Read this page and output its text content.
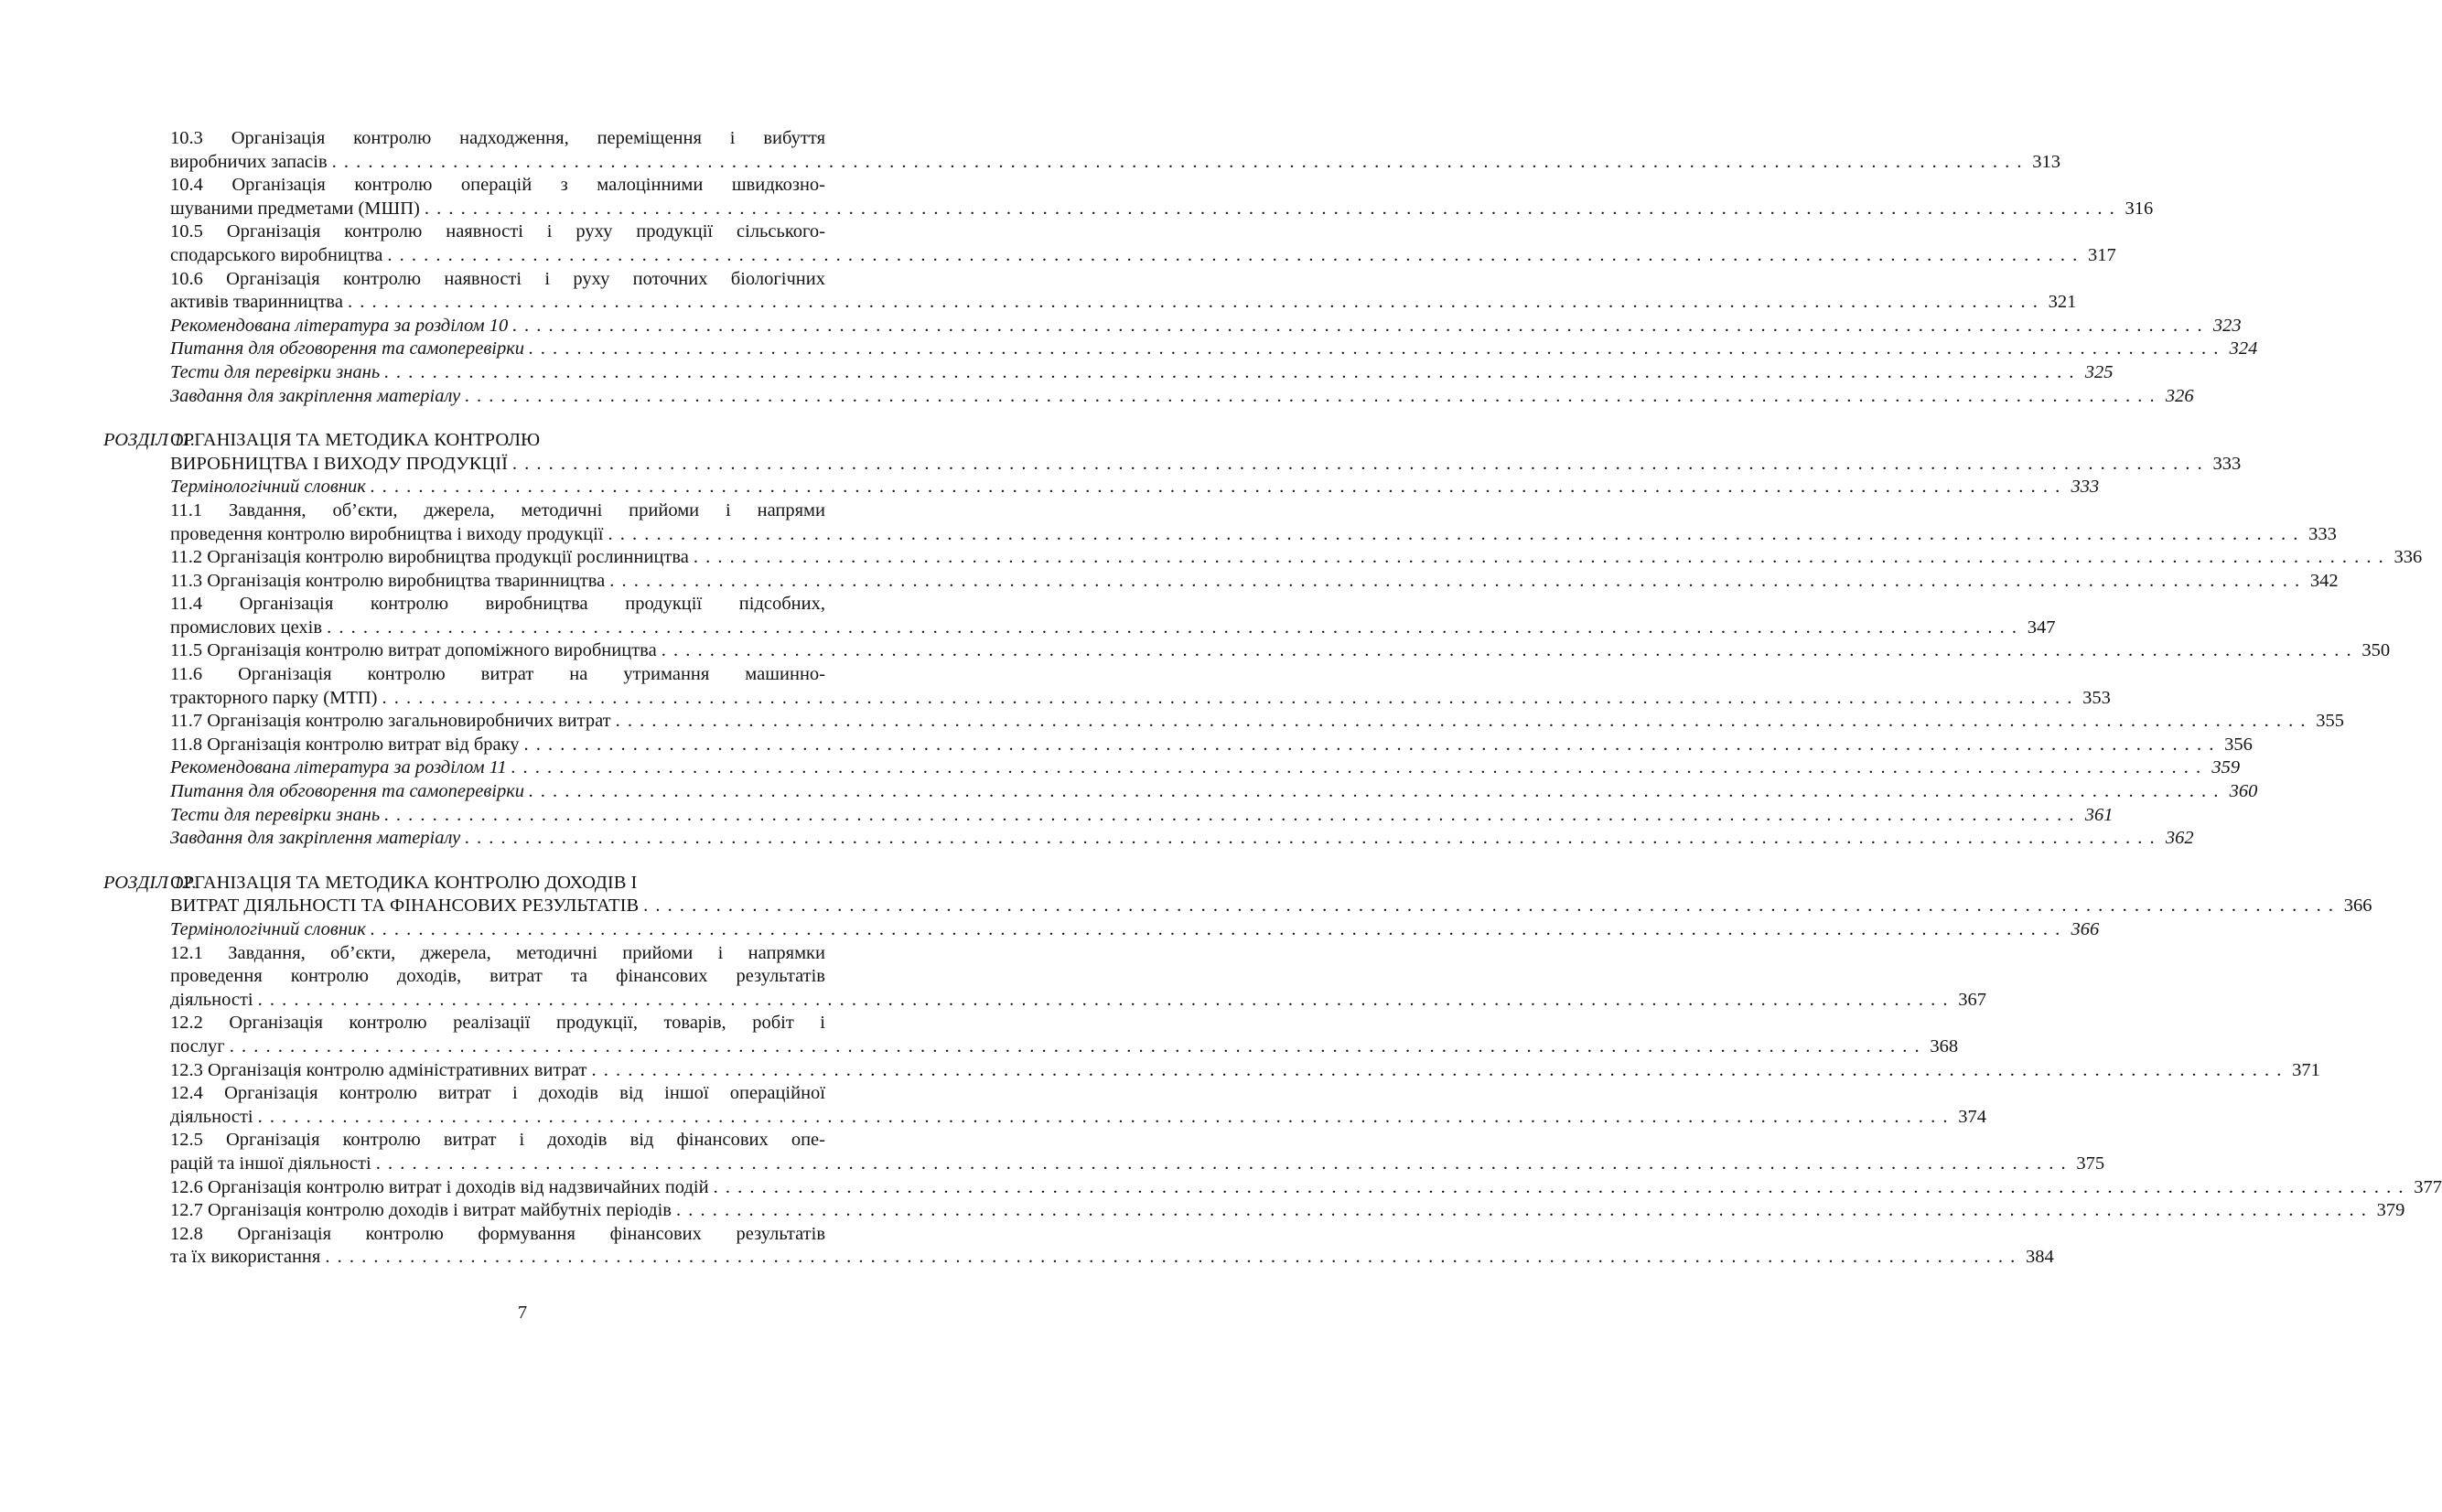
10.3 Організація контролю надходження, переміщення і вибуття
виробничих запасів . . . . . . . . . . . . . . . . . . . . . . . . . . . . . . . . . . . . . . . . . . . . . . . . . . . . . . . . . . . . . . . . . . . . . . . . . . . . . . . . . . . . . . . . . . . . . . . . . . . . . . . . . . . . . . . . . . . . . . . . . . . . . . . . . . . . . . . . . . . . 313
10.4 Організація контролю операцій з малоцінними швидкозно-
шуваними предметами (МШП) . . . . . . . . . . . . . . . . . . . . . . . . . . . . . . . . . . . . . . . . . . . . . . . . . . . . . . . . . . . . . . . . . . . . . . . . . . . . . . . . . . . . . . . . . . . . . . . . . . . . . . . . . . . . . . . . . . . . . . . . . . . . . . . . . . . . . . . . . . . . 316
10.5 Організація контролю наявності і руху продукції сільського-
сподарського виробництва . . . . . . . . . . . . . . . . . . . . . . . . . . . . . . . . . . . . . . . . . . . . . . . . . . . . . . . . . . . . . . . . . . . . . . . . . . . . . . . . . . . . . . . . . . . . . . . . . . . . . . . . . . . . . . . . . . . . . . . . . . . . . . . . . . . . . . . . . . . . 317
10.6 Організація контролю наявності і руху поточних біологічних
активів тваринництва . . . . . . . . . . . . . . . . . . . . . . . . . . . . . . . . . . . . . . . . . . . . . . . . . . . . . . . . . . . . . . . . . . . . . . . . . . . . . . . . . . . . . . . . . . . . . . . . . . . . . . . . . . . . . . . . . . . . . . . . . . . . . . . . . . . . . . . . . . . . 321
Рекомендована література за розділом 10 . . . . . . . . . . . . . . . . . . . . . . . . . . . . . . . . . . . . . . . . . . . . . . . . . . . . . . . . . . . . . . . . . . . . . . . . . . . . . . . . . . . . . . . . . . . . . . . . . . . . . . . . . . . . . . . . . . . . . . . . . . . . . . . . . . . . . . . . . . . . 323
Питання для обговорення та самоперевірки . . . . . . . . . . . . . . . . . . . . . . . . . . . . . . . . . . . . . . . . . . . . . . . . . . . . . . . . . . . . . . . . . . . . . . . . . . . . . . . . . . . . . . . . . . . . . . . . . . . . . . . . . . . . . . . . . . . . . . . . . . . . . . . . . . . . . . . . . . . . 324
Тести для перевірки знань . . . . . . . . . . . . . . . . . . . . . . . . . . . . . . . . . . . . . . . . . . . . . . . . . . . . . . . . . . . . . . . . . . . . . . . . . . . . . . . . . . . . . . . . . . . . . . . . . . . . . . . . . . . . . . . . . . . . . . . . . . . . . . . . . . . . . . . . . . . . 325
Завдання для закріплення матеріалу . . . . . . . . . . . . . . . . . . . . . . . . . . . . . . . . . . . . . . . . . . . . . . . . . . . . . . . . . . . . . . . . . . . . . . . . . . . . . . . . . . . . . . . . . . . . . . . . . . . . . . . . . . . . . . . . . . . . . . . . . . . . . . . . . . . . . . . . . . . . 326
РОЗДІЛ 11.
ОРГАНІЗАЦІЯ ТА МЕТОДИКА КОНТРОЛЮ
ВИРОБНИЦТВА І ВИХОДУ ПРОДУКЦІЇ . . . . . . . . . . . . . . . . . . . . . . . . . . . . . . . . . . . . . . . . . . . . . . . . . . . . . . . . . . . . . . . . . . . . . . . . . . . . . . . . . . . . . . . . . . . . . . . . . . . . . . . . . . . . . . . . . . . . . . . . . . . . . . . . . . . . . . . . . . . . 333
Термінологічний словник . . . . . . . . . . . . . . . . . . . . . . . . . . . . . . . . . . . . . . . . . . . . . . . . . . . . . . . . . . . . . . . . . . . . . . . . . . . . . . . . . . . . . . . . . . . . . . . . . . . . . . . . . . . . . . . . . . . . . . . . . . . . . . . . . . . . . . . . . . . . 333
11.1 Завдання, об’єкти, джерела, методичні прийоми і напрями
проведення контролю виробництва і виходу продукції . . . . . . . . . . . . . . . . . . . . . . . . . . . . . . . . . . . . . . . . . . . . . . . . . . . . . . . . . . . . . . . . . . . . . . . . . . . . . . . . . . . . . . . . . . . . . . . . . . . . . . . . . . . . . . . . . . . . . . . . . . . . . . . . . . . . . . . . . . . . 333
11.2 Організація контролю виробництва продукції рослинництва . . . . . . . . . . . . . . . . . . . . . . . . . . . . . . . . . . . . . . . . . . . . . . . . . . . . . . . . . . . . . . . . . . . . . . . . . . . . . . . . . . . . . . . . . . . . . . . . . . . . . . . . . . . . . . . . . . . . . . . . . . . . . . . . . . . . . . . . . . . . 336
11.3 Організація контролю виробництва тваринництва . . . . . . . . . . . . . . . . . . . . . . . . . . . . . . . . . . . . . . . . . . . . . . . . . . . . . . . . . . . . . . . . . . . . . . . . . . . . . . . . . . . . . . . . . . . . . . . . . . . . . . . . . . . . . . . . . . . . . . . . . . . . . . . . . . . . . . . . . . . . 342
11.4 Організація контролю виробництва продукції підсобних,
промислових цехів . . . . . . . . . . . . . . . . . . . . . . . . . . . . . . . . . . . . . . . . . . . . . . . . . . . . . . . . . . . . . . . . . . . . . . . . . . . . . . . . . . . . . . . . . . . . . . . . . . . . . . . . . . . . . . . . . . . . . . . . . . . . . . . . . . . . . . . . . . . . 347
11.5 Організація контролю витрат допоміжного виробництва . . . . . . . . . . . . . . . . . . . . . . . . . . . . . . . . . . . . . . . . . . . . . . . . . . . . . . . . . . . . . . . . . . . . . . . . . . . . . . . . . . . . . . . . . . . . . . . . . . . . . . . . . . . . . . . . . . . . . . . . . . . . . . . . . . . . . . . . . . . . 350
11.6 Організація контролю витрат на утримання машинно-
тракторного парку (МТП) . . . . . . . . . . . . . . . . . . . . . . . . . . . . . . . . . . . . . . . . . . . . . . . . . . . . . . . . . . . . . . . . . . . . . . . . . . . . . . . . . . . . . . . . . . . . . . . . . . . . . . . . . . . . . . . . . . . . . . . . . . . . . . . . . . . . . . . . . . . . 353
11.7 Організація контролю загальновиробничих витрат . . . . . . . . . . . . . . . . . . . . . . . . . . . . . . . . . . . . . . . . . . . . . . . . . . . . . . . . . . . . . . . . . . . . . . . . . . . . . . . . . . . . . . . . . . . . . . . . . . . . . . . . . . . . . . . . . . . . . . . . . . . . . . . . . . . . . . . . . . . . 355
11.8 Організація контролю витрат від браку . . . . . . . . . . . . . . . . . . . . . . . . . . . . . . . . . . . . . . . . . . . . . . . . . . . . . . . . . . . . . . . . . . . . . . . . . . . . . . . . . . . . . . . . . . . . . . . . . . . . . . . . . . . . . . . . . . . . . . . . . . . . . . . . . . . . . . . . . . . . 356
Рекомендована література за розділом 11 . . . . . . . . . . . . . . . . . . . . . . . . . . . . . . . . . . . . . . . . . . . . . . . . . . . . . . . . . . . . . . . . . . . . . . . . . . . . . . . . . . . . . . . . . . . . . . . . . . . . . . . . . . . . . . . . . . . . . . . . . . . . . . . . . . . . . . . . . . . . 359
Питання для обговорення та самоперевірки . . . . . . . . . . . . . . . . . . . . . . . . . . . . . . . . . . . . . . . . . . . . . . . . . . . . . . . . . . . . . . . . . . . . . . . . . . . . . . . . . . . . . . . . . . . . . . . . . . . . . . . . . . . . . . . . . . . . . . . . . . . . . . . . . . . . . . . . . . . . 360
Тести для перевірки знань . . . . . . . . . . . . . . . . . . . . . . . . . . . . . . . . . . . . . . . . . . . . . . . . . . . . . . . . . . . . . . . . . . . . . . . . . . . . . . . . . . . . . . . . . . . . . . . . . . . . . . . . . . . . . . . . . . . . . . . . . . . . . . . . . . . . . . . . . . . . 361
Завдання для закріплення матеріалу . . . . . . . . . . . . . . . . . . . . . . . . . . . . . . . . . . . . . . . . . . . . . . . . . . . . . . . . . . . . . . . . . . . . . . . . . . . . . . . . . . . . . . . . . . . . . . . . . . . . . . . . . . . . . . . . . . . . . . . . . . . . . . . . . . . . . . . . . . . . 362
РОЗДІЛ 12.
ОРГАНІЗАЦІЯ ТА МЕТОДИКА КОНТРОЛЮ ДОХОДІВ І
ВИТРАТ ДІЯЛЬНОСТІ ТА ФІНАНСОВИХ РЕЗУЛЬТАТІВ . . . . . . . . . . . . . . . . . . . . . . . . . . . . . . . . . . . . . . . . . . . . . . . . . . . . . . . . . . . . . . . . . . . . . . . . . . . . . . . . . . . . . . . . . . . . . . . . . . . . . . . . . . . . . . . . . . . . . . . . . . . . . . . . . . . . . . . . . . . . 366
Термінологічний словник . . . . . . . . . . . . . . . . . . . . . . . . . . . . . . . . . . . . . . . . . . . . . . . . . . . . . . . . . . . . . . . . . . . . . . . . . . . . . . . . . . . . . . . . . . . . . . . . . . . . . . . . . . . . . . . . . . . . . . . . . . . . . . . . . . . . . . . . . . . . 366
12.1 Завдання, об’єкти, джерела, методичні прийоми і напрямки
проведення контролю доходів, витрат та фінансових результатів
діяльності . . . . . . . . . . . . . . . . . . . . . . . . . . . . . . . . . . . . . . . . . . . . . . . . . . . . . . . . . . . . . . . . . . . . . . . . . . . . . . . . . . . . . . . . . . . . . . . . . . . . . . . . . . . . . . . . . . . . . . . . . . . . . . . . . . . . . . . . . . . . 367
12.2 Організація контролю реалізації продукції, товарів, робіт і
послуг . . . . . . . . . . . . . . . . . . . . . . . . . . . . . . . . . . . . . . . . . . . . . . . . . . . . . . . . . . . . . . . . . . . . . . . . . . . . . . . . . . . . . . . . . . . . . . . . . . . . . . . . . . . . . . . . . . . . . . . . . . . . . . . . . . . . . . . . . . . . 368
12.3 Організація контролю адміністративних витрат . . . . . . . . . . . . . . . . . . . . . . . . . . . . . . . . . . . . . . . . . . . . . . . . . . . . . . . . . . . . . . . . . . . . . . . . . . . . . . . . . . . . . . . . . . . . . . . . . . . . . . . . . . . . . . . . . . . . . . . . . . . . . . . . . . . . . . . . . . . . 371
12.4 Організація контролю витрат і доходів від іншої операційної
діяльності . . . . . . . . . . . . . . . . . . . . . . . . . . . . . . . . . . . . . . . . . . . . . . . . . . . . . . . . . . . . . . . . . . . . . . . . . . . . . . . . . . . . . . . . . . . . . . . . . . . . . . . . . . . . . . . . . . . . . . . . . . . . . . . . . . . . . . . . . . . . 374
12.5 Організація контролю витрат і доходів від фінансових опе-
рацій та іншої діяльності . . . . . . . . . . . . . . . . . . . . . . . . . . . . . . . . . . . . . . . . . . . . . . . . . . . . . . . . . . . . . . . . . . . . . . . . . . . . . . . . . . . . . . . . . . . . . . . . . . . . . . . . . . . . . . . . . . . . . . . . . . . . . . . . . . . . . . . . . . . . 375
12.6 Організація контролю витрат і доходів від надзвичайних подій . . . . . . . . . . . . . . . . . . . . . . . . . . . . . . . . . . . . . . . . . . . . . . . . . . . . . . . . . . . . . . . . . . . . . . . . . . . . . . . . . . . . . . . . . . . . . . . . . . . . . . . . . . . . . . . . . . . . . . . . . . . . . . . . . . . . . . . . . . . . 377
12.7 Організація контролю доходів і витрат майбутніх періодів . . . . . . . . . . . . . . . . . . . . . . . . . . . . . . . . . . . . . . . . . . . . . . . . . . . . . . . . . . . . . . . . . . . . . . . . . . . . . . . . . . . . . . . . . . . . . . . . . . . . . . . . . . . . . . . . . . . . . . . . . . . . . . . . . . . . . . . . . . . . 379
12.8 Організація контролю формування фінансових результатів
та їх використання . . . . . . . . . . . . . . . . . . . . . . . . . . . . . . . . . . . . . . . . . . . . . . . . . . . . . . . . . . . . . . . . . . . . . . . . . . . . . . . . . . . . . . . . . . . . . . . . . . . . . . . . . . . . . . . . . . . . . . . . . . . . . . . . . . . . . . . . . . . . 384
7
